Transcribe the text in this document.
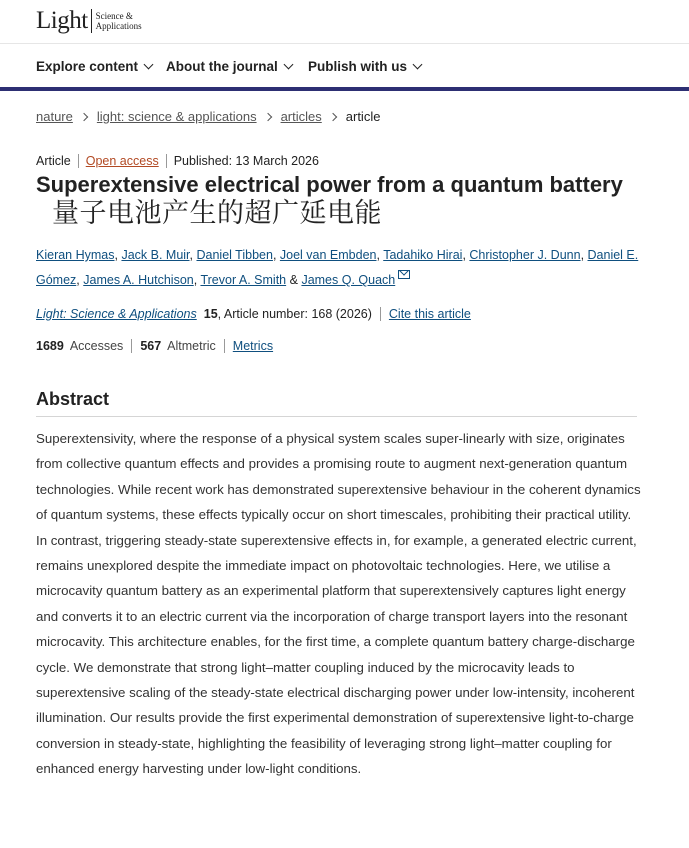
Light Science &
Applications
Explore content About the journal Publish with us
nature light: science & applications articles article
Article Open access Published: 13 March 2026
Superextensive electrical power from a quantum battery量子电池产生的超广延电能
Kieran Hymas, Jack B. Muir, Daniel Tibben, Joel van Embden, Tadahiko Hirai, Christopher J. Dunn, Daniel E. Gómez, James A. Hutchison, Trevor A. Smith & James Q. Quach
Light: Science & Applications 15 , Article number: 168 (2026) Cite this article
1689 Accesses 567 Altmetric Metrics
Abstract

Superextensivity, where the response of a physical system scales super-linearly with size, originates from collective quantum effects and provides a promising route to augment next-generation quantum technologies. While recent work has demonstrated superextensive behaviour in the coherent dynamics of quantum systems, these effects typically occur on short timescales, prohibiting their practical utility. In contrast, triggering steady-state superextensive effects in, for example, a generated electric current, remains unexplored despite the immediate impact on photovoltaic technologies. Here, we utilise a microcavity quantum battery as an experimental platform that superextensively captures light energy and converts it to an electric current via the incorporation of charge transport layers into the resonant microcavity. This architecture enables, for the first time, a complete quantum battery charge-discharge cycle. We demonstrate that strong light–matter coupling induced by the microcavity leads to superextensive scaling of the steady-state electrical discharging power under low-intensity, incoherent illumination. Our results provide the first experimental demonstration of superextensive light-to-charge conversion in steady-state, highlighting the feasibility of leveraging strong light–matter coupling for enhanced energy harvesting under low-light conditions.
